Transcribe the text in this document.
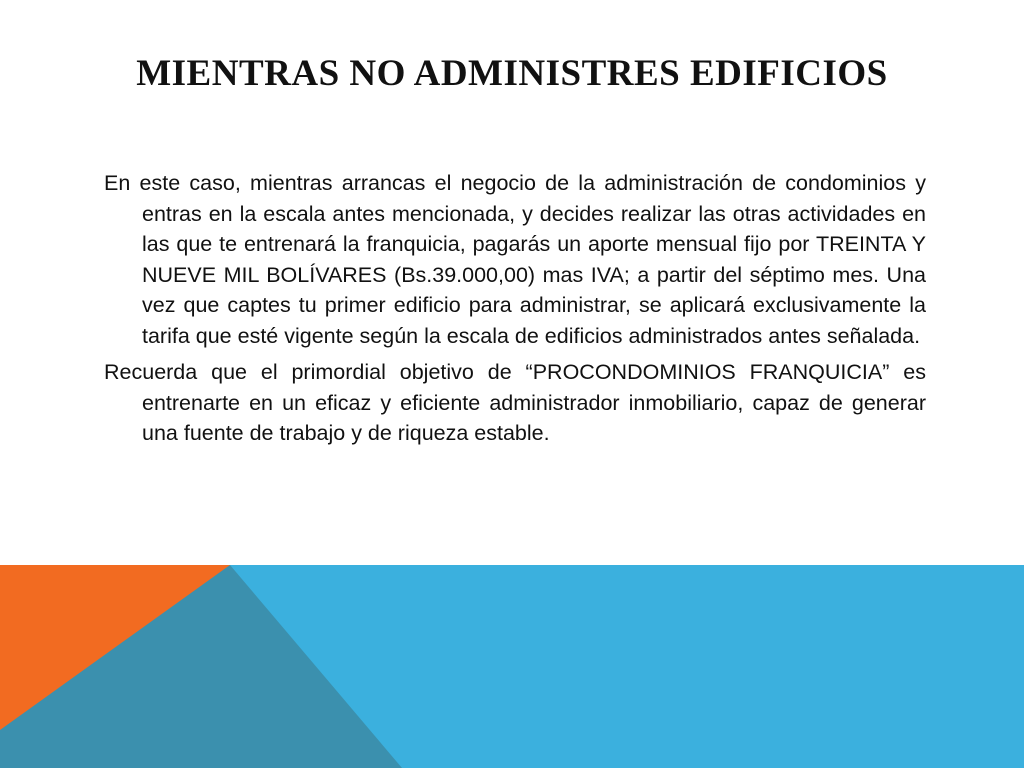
MIENTRAS NO ADMINISTRES EDIFICIOS

En este caso, mientras arrancas el negocio de la administración de condominios y entras en la escala antes mencionada, y decides realizar las otras actividades en las que te entrenará la franquicia, pagarás un aporte mensual fijo por TREINTA Y NUEVE MIL BOLÍVARES (Bs.39.000,00) mas IVA; a partir del séptimo mes. Una vez que captes tu primer edificio para administrar, se aplicará exclusivamente la tarifa que esté vigente según la escala de edificios administrados antes señalada.

Recuerda que el primordial objetivo de “PROCONDOMINIOS FRANQUICIA” es entrenarte en un eficaz y eficiente administrador inmobiliario, capaz de generar una fuente de trabajo y de riqueza estable.
